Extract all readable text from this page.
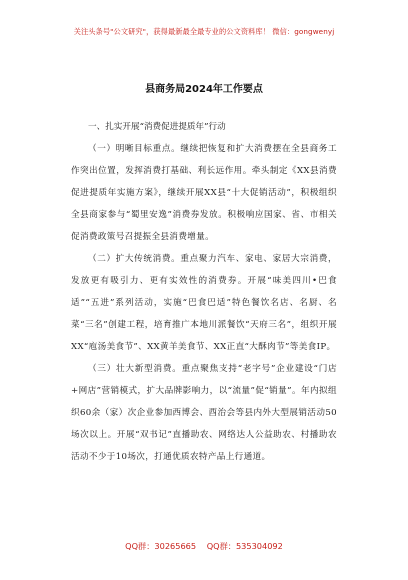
关注头条号"公文研究"，获得最新最全最专业的公文资料库！ 微信：gongwenyj
县商务局2024年工作要点

一、扎实开展“消费促进提质年”行动

（一）明晰目标重点。继续把恢复和扩大消费摆在全县商务工作突出位置，发挥消费打基础、利长远作用。牵头制定《XX县消费促进提质年实施方案》，继续开展XX县“十大促销活动”，积极组织全县商家参与“蜀里安逸”消费券发放。积极响应国家、省、市相关促消费政策号召提振全县消费增量。

（二）扩大传统消费。重点聚力汽车、家电、家居大宗消费，发放更有吸引力、更有实效性的消费券。开展“味美四川•巴食适”“五进”系列活动，实施“巴食巴适”特色餐饮名店、名厨、名菜“三名”创建工程，培育推广本地川派餐饮“天府三名”，组织开展XX“庖汤美食节”、XX黄羊美食节、XX正直“大酥肉节”等美食IP。

（三）壮大新型消费。重点聚焦支持“老字号”企业建设“门店+网店”营销模式，扩大品牌影响力，以“流量”促“销量”。年内拟组织60余（家）次企业参加西博会、酉治会等县内外大型展销活动50场次以上。开展“双书记”直播助农、网络达人公益助农、村播助农活动不少于10场次，打通优质农特产品上行通道。

QQ群：30265665 QQ群：535304092
